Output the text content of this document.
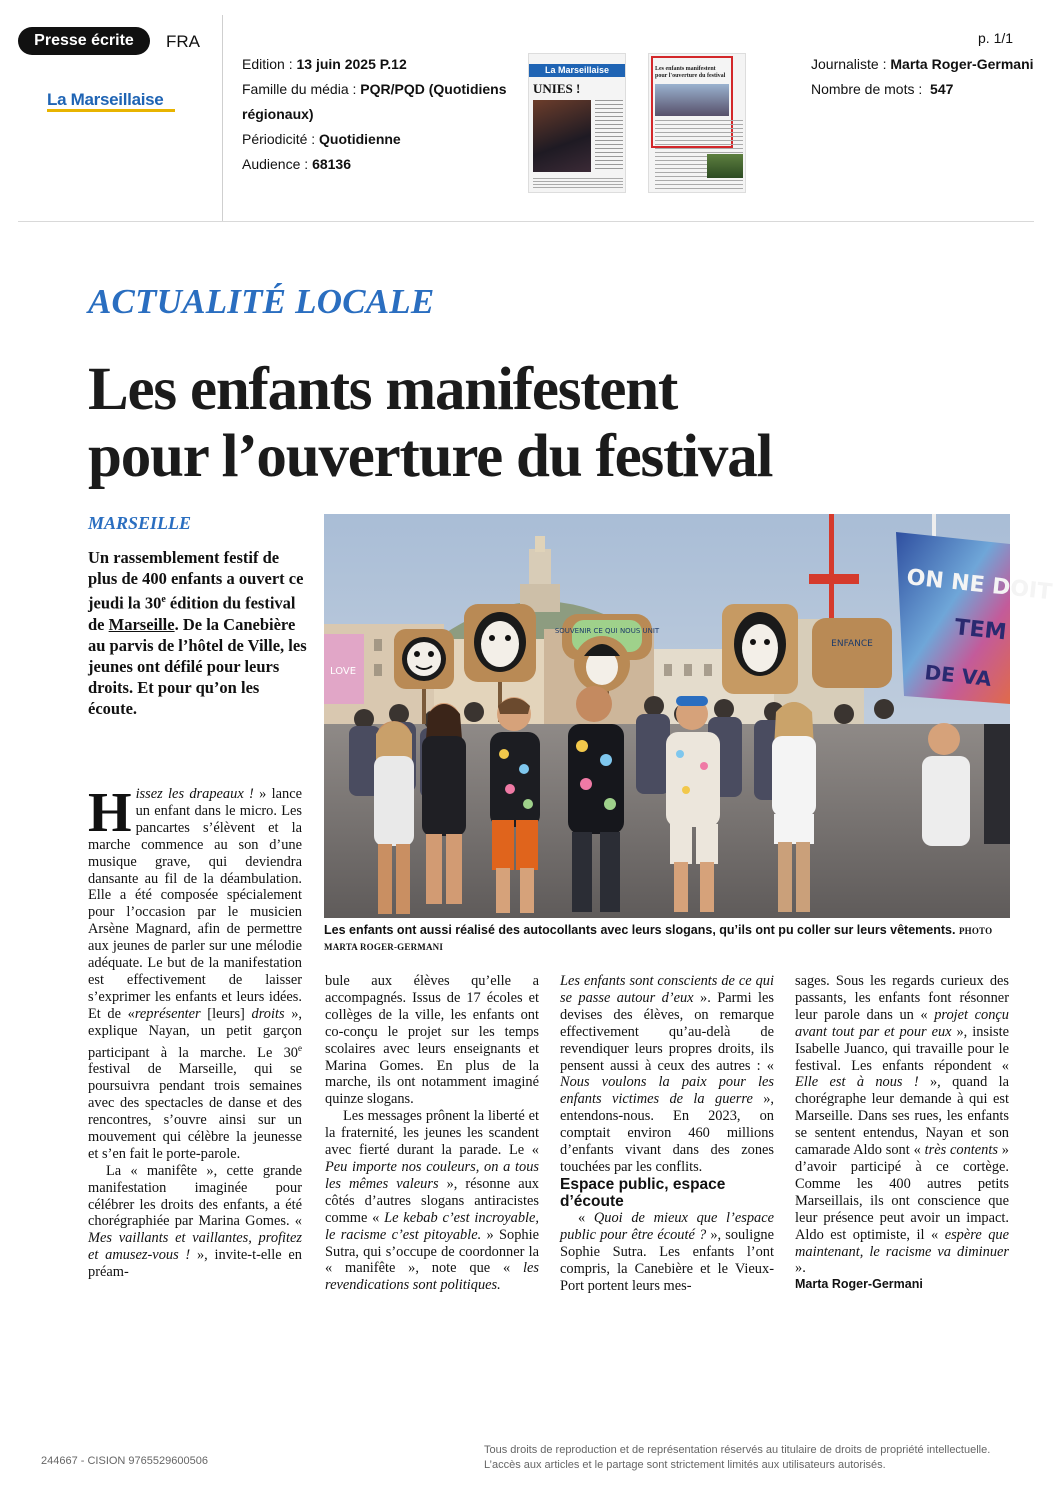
Presse écrite	FRA
La Marseillaise
Edition : 13 juin 2025 P.12
Famille du média : PQR/PQD (Quotidiens régionaux)
Périodicité : Quotidienne
Audience : 68136
La Marseillaise
UNIES !
Les enfants manifestent pour l'ouverture du festival
p. 1/1
Journaliste : Marta Roger-Germani
Nombre de mots :  547
ACTUALITÉ LOCALE
Les enfants manifestent
pour l’ouverture du festival
MARSEILLE
Un rassemblement festif de plus de 400 enfants a ouvert ce jeudi la 30e édition du festival de Marseille. De la Canebière au parvis de l’hôtel de Ville, les jeunes ont défilé pour leurs droits. Et pour qu’on les écoute.
SOUVENIR CE QUI NOUS UNIT
ENFANCE
ON NE DOIT
TEM
DE VA
LOVE
Les enfants ont aussi réalisé des autocollants avec leurs slogans, qu’ils ont pu coller sur leurs vêtements. PHOTO MARTA ROGER-GERMANI

Hissez les drapeaux ! » lance un enfant dans le micro. Les pancartes s’élèvent et la marche commence au son d’une musique grave, qui deviendra dansante au fil de la déambulation. Elle a été composée spécialement pour l’occasion par le musicien Arsène Magnard, afin de permettre aux jeunes de parler sur une mélodie adéquate. Le but de la manifestation est effectivement de laisser s’exprimer les enfants et leurs idées. Et de «représenter [leurs] droits », explique Nayan, un petit garçon participant à la marche. Le 30e festival de Marseille, qui se poursuivra pendant trois semaines avec des spectacles de danse et des rencontres, s’ouvre ainsi sur un mouvement qui célèbre la jeunesse et s’en fait le porte-parole.

La « manifête », cette grande manifestation imaginée pour célébrer les droits des enfants, a été chorégraphiée par Marina Gomes. « Mes vaillants et vaillantes, profitez et amusez-vous ! », invite-t-elle en préam-

bule aux élèves qu’elle a accompagnés. Issus de 17 écoles et collèges de la ville, les enfants ont co-conçu le projet sur les temps scolaires avec leurs enseignants et Marina Gomes. En plus de la marche, ils ont notamment imaginé quinze slogans.

Les messages prônent la liberté et la fraternité, les jeunes les scandent avec fierté durant la parade. Le « Peu importe nos couleurs, on a tous les mêmes valeurs », résonne aux côtés d’autres slogans antiracistes comme « Le kebab c’est incroyable, le racisme c’est pitoyable. » Sophie Sutra, qui s’occupe de coordonner la « manifête », note que « les revendications sont politiques.

Les enfants sont conscients de ce qui se passe autour d’eux ». Parmi les devises des élèves, on remarque effectivement qu’au-delà de revendiquer leurs propres droits, ils pensent aussi à ceux des autres : « Nous voulons la paix pour les enfants victimes de la guerre », entendons-nous. En 2023, on comptait environ 460 millions d’enfants vivant dans des zones touchées par les conflits.

Espace public, espace d’écoute

« Quoi de mieux que l’espace public pour être écouté ? », souligne Sophie Sutra. Les enfants l’ont compris, la Canebière et le Vieux-Port portent leurs mes-

sages. Sous les regards curieux des passants, les enfants font résonner leur parole dans un « projet conçu avant tout par et pour eux », insiste Isabelle Juanco, qui travaille pour le festival. Les enfants répondent « Elle est à nous ! », quand la chorégraphe leur demande à qui est Marseille. Dans ses rues, les enfants se sentent entendus, Nayan et son camarade Aldo sont « très contents » d’avoir participé à ce cortège. Comme les 400 autres petits Marseillais, ils ont conscience que leur présence peut avoir un impact. Aldo est optimiste, il « espère que maintenant, le racisme va diminuer ».

Marta Roger-Germani

244667 - CISION 9765529600506
Tous droits de reproduction et de représentation réservés au titulaire de droits de propriété intellectuelle.
L’accès aux articles et le partage sont strictement limités aux utilisateurs autorisés.
